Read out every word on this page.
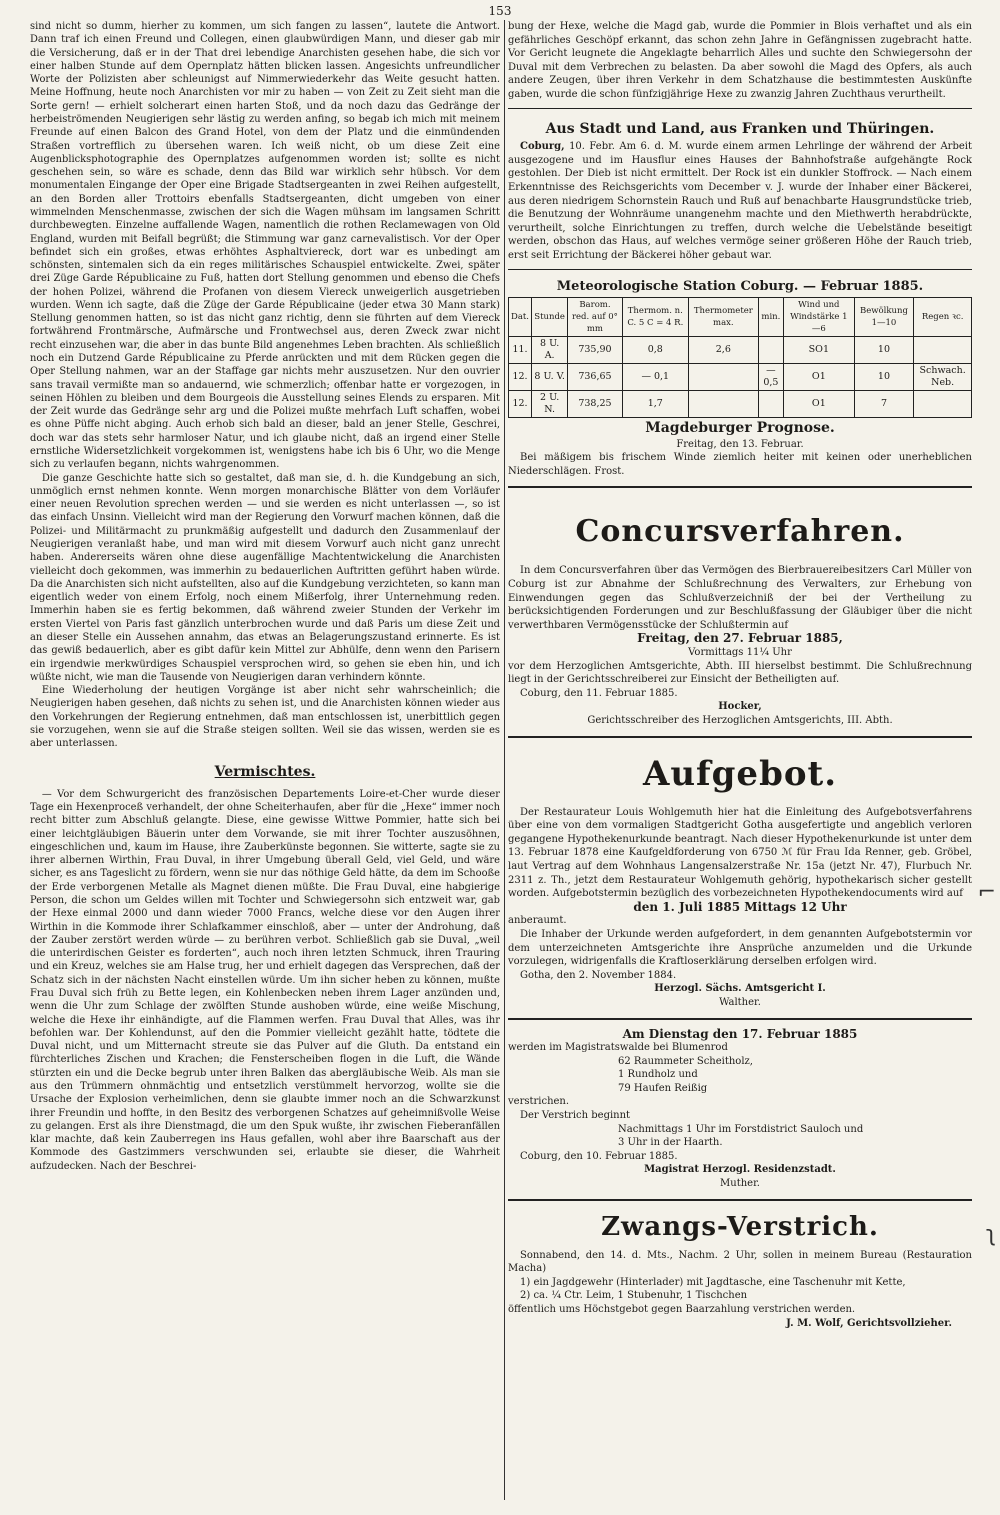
153

sind nicht so dumm, hierher zu kommen, um sich fangen zu lassen“, lautete die Antwort. Dann traf ich einen Freund und Collegen, einen glaubwürdigen Mann, und dieser gab mir die Versicherung, daß er in der That drei lebendige Anarchisten gesehen habe, die sich vor einer halben Stunde auf dem Opernplatz hätten blicken lassen. Angesichts unfreundlicher Worte der Polizisten aber schleunigst auf Nimmerwiederkehr das Weite gesucht hatten. Meine Hoffnung, heute noch Anarchisten vor mir zu haben — von Zeit zu Zeit sieht man die Sorte gern! — erhielt solcherart einen harten Stoß, und da noch dazu das Gedränge der herbeiströmenden Neugierigen sehr lästig zu werden anfing, so begab ich mich mit meinem Freunde auf einen Balcon des Grand Hotel, von dem der Platz und die einmündenden Straßen vortrefflich zu übersehen waren. Ich weiß nicht, ob um diese Zeit eine Augenblicksphotographie des Opernplatzes aufgenommen worden ist; sollte es nicht geschehen sein, so wäre es schade, denn das Bild war wirklich sehr hübsch. Vor dem monumentalen Eingange der Oper eine Brigade Stadtsergeanten in zwei Reihen aufgestellt, an den Borden aller Trottoirs ebenfalls Stadtsergeanten, dicht umgeben von einer wimmelnden Menschenmasse, zwischen der sich die Wagen mühsam im langsamen Schritt durchbewegten. Einzelne auffallende Wagen, namentlich die rothen Reclamewagen von Old England, wurden mit Beifall begrüßt; die Stimmung war ganz carnevalistisch. Vor der Oper befindet sich ein großes, etwas erhöhtes Asphaltviereck, dort war es unbedingt am schönsten, sintemalen sich da ein reges militärisches Schauspiel entwickelte. Zwei, später drei Züge Garde Républicaine zu Fuß, hatten dort Stellung genommen und ebenso die Chefs der hohen Polizei, während die Profanen von diesem Viereck unweigerlich ausgetrieben wurden. Wenn ich sagte, daß die Züge der Garde Républicaine (jeder etwa 30 Mann stark) Stellung genommen hatten, so ist das nicht ganz richtig, denn sie führten auf dem Viereck fortwährend Frontmärsche, Aufmärsche und Frontwechsel aus, deren Zweck zwar nicht recht einzusehen war, die aber in das bunte Bild angenehmes Leben brachten. Als schließlich noch ein Dutzend Garde Républicaine zu Pferde anrückten und mit dem Rücken gegen die Oper Stellung nahmen, war an der Staffage gar nichts mehr auszusetzen. Nur den ouvrier sans travail vermißte man so andauernd, wie schmerzlich; offenbar hatte er vorgezogen, in seinen Höhlen zu bleiben und dem Bourgeois die Ausstellung seines Elends zu ersparen. Mit der Zeit wurde das Gedränge sehr arg und die Polizei mußte mehrfach Luft schaffen, wobei es ohne Püffe nicht abging. Auch erhob sich bald an dieser, bald an jener Stelle, Geschrei, doch war das stets sehr harmloser Natur, und ich glaube nicht, daß an irgend einer Stelle ernstliche Widersetzlichkeit vorgekommen ist, wenigstens habe ich bis 6 Uhr, wo die Menge sich zu verlaufen begann, nichts wahrgenommen.

Die ganze Geschichte hatte sich so gestaltet, daß man sie, d. h. die Kundgebung an sich, unmöglich ernst nehmen konnte. Wenn morgen monarchische Blätter von dem Vorläufer einer neuen Revolution sprechen werden — und sie werden es nicht unterlassen —, so ist das einfach Unsinn. Vielleicht wird man der Regierung den Vorwurf machen können, daß die Polizei- und Militärmacht zu prunkmäßig aufgestellt und dadurch den Zusammenlauf der Neugierigen veranlaßt habe, und man wird mit diesem Vorwurf auch nicht ganz unrecht haben. Andererseits wären ohne diese augenfällige Machtentwickelung die Anarchisten vielleicht doch gekommen, was immerhin zu bedauerlichen Auftritten geführt haben würde. Da die Anarchisten sich nicht aufstellten, also auf die Kundgebung verzichteten, so kann man eigentlich weder von einem Erfolg, noch einem Mißerfolg, ihrer Unternehmung reden. Immerhin haben sie es fertig bekommen, daß während zweier Stunden der Verkehr im ersten Viertel von Paris fast gänzlich unterbrochen wurde und daß Paris um diese Zeit und an dieser Stelle ein Aussehen annahm, das etwas an Belagerungszustand erinnerte. Es ist das gewiß bedauerlich, aber es gibt dafür kein Mittel zur Abhülfe, denn wenn den Parisern ein irgendwie merkwürdiges Schauspiel versprochen wird, so gehen sie eben hin, und ich wüßte nicht, wie man die Tausende von Neugierigen daran verhindern könnte.

Eine Wiederholung der heutigen Vorgänge ist aber nicht sehr wahrscheinlich; die Neugierigen haben gesehen, daß nichts zu sehen ist, und die Anarchisten können wieder aus den Vorkehrungen der Regierung entnehmen, daß man entschlossen ist, unerbittlich gegen sie vorzugehen, wenn sie auf die Straße steigen sollten. Weil sie das wissen, werden sie es aber unterlassen.

Vermischtes.

— Vor dem Schwurgericht des französischen Departements Loire-et-Cher wurde dieser Tage ein Hexenproceß verhandelt, der ohne Scheiterhaufen, aber für die „Hexe“ immer noch recht bitter zum Abschluß gelangte. Diese, eine gewisse Wittwe Pommier, hatte sich bei einer leichtgläubigen Bäuerin unter dem Vorwande, sie mit ihrer Tochter auszusöhnen, eingeschlichen und, kaum im Hause, ihre Zauberkünste begonnen. Sie witterte, sagte sie zu ihrer albernen Wirthin, Frau Duval, in ihrer Umgebung überall Geld, viel Geld, und wäre sicher, es ans Tageslicht zu fördern, wenn sie nur das nöthige Geld hätte, da dem im Schooße der Erde verborgenen Metalle als Magnet dienen müßte. Die Frau Duval, eine habgierige Person, die schon um Geldes willen mit Tochter und Schwiegersohn sich entzweit war, gab der Hexe einmal 2000 und dann wieder 7000 Francs, welche diese vor den Augen ihrer Wirthin in die Kommode ihrer Schlafkammer einschloß, aber — unter der Androhung, daß der Zauber zerstört werden würde — zu berühren verbot. Schließlich gab sie Duval, „weil die unterirdischen Geister es forderten“, auch noch ihren letzten Schmuck, ihren Trauring und ein Kreuz, welches sie am Halse trug, her und erhielt dagegen das Versprechen, daß der Schatz sich in der nächsten Nacht einstellen würde. Um ihn sicher heben zu können, mußte Frau Duval sich früh zu Bette legen, ein Kohlenbecken neben ihrem Lager anzünden und, wenn die Uhr zum Schlage der zwölften Stunde aushoben würde, eine weiße Mischung, welche die Hexe ihr einhändigte, auf die Flammen werfen. Frau Duval that Alles, was ihr befohlen war. Der Kohlendunst, auf den die Pommier vielleicht gezählt hatte, tödtete die Duval nicht, und um Mitternacht streute sie das Pulver auf die Gluth. Da entstand ein fürchterliches Zischen und Krachen; die Fensterscheiben flogen in die Luft, die Wände stürzten ein und die Decke begrub unter ihren Balken das abergläubische Weib. Als man sie aus den Trümmern ohnmächtig und entsetzlich verstümmelt hervorzog, wollte sie die Ursache der Explosion verheimlichen, denn sie glaubte immer noch an die Schwarzkunst ihrer Freundin und hoffte, in den Besitz des verborgenen Schatzes auf geheimnißvolle Weise zu gelangen. Erst als ihre Dienstmagd, die um den Spuk wußte, ihr zwischen Fieberanfällen klar machte, daß kein Zauberregen ins Haus gefallen, wohl aber ihre Baarschaft aus der Kommode des Gastzimmers verschwunden sei, erlaubte sie dieser, die Wahrheit aufzudecken. Nach der Beschrei-

bung der Hexe, welche die Magd gab, wurde die Pommier in Blois verhaftet und als ein gefährliches Geschöpf erkannt, das schon zehn Jahre in Gefängnissen zugebracht hatte. Vor Gericht leugnete die Angeklagte beharrlich Alles und suchte den Schwiegersohn der Duval mit dem Verbrechen zu belasten. Da aber sowohl die Magd des Opfers, als auch andere Zeugen, über ihren Verkehr in dem Schatzhause die bestimmtesten Auskünfte gaben, wurde die schon fünfzigjährige Hexe zu zwanzig Jahren Zuchthaus verurtheilt.

Aus Stadt und Land, aus Franken und Thüringen.

Coburg, 10. Febr. Am 6. d. M. wurde einem armen Lehrlinge der während der Arbeit ausgezogene und im Hausflur eines Hauses der Bahnhofstraße aufgehängte Rock gestohlen. Der Dieb ist nicht ermittelt. Der Rock ist ein dunkler Stoffrock. — Nach einem Erkenntnisse des Reichsgerichts vom December v. J. wurde der Inhaber einer Bäckerei, aus deren niedrigem Schornstein Rauch und Ruß auf benachbarte Hausgrundstücke trieb, die Benutzung der Wohnräume unangenehm machte und den Miethwerth herabdrückte, verurtheilt, solche Einrichtungen zu treffen, durch welche die Uebelstände beseitigt werden, obschon das Haus, auf welches vermöge seiner größeren Höhe der Rauch trieb, erst seit Errichtung der Bäckerei höher gebaut war.

Meteorologische Station Coburg. — Februar 1885.
Dat.	Stunde	Barom. red. auf 0° mm	Thermom. n. C. 5 C = 4 R.	Thermometer max.	min.	Wind und Windstärke 1—6	Bewölkung 1—10	Regen ꝛc.
11.	8 U. A.	735,90	0,8	2,6		SO1	10	
12.	8 U. V.	736,65	— 0,1		—0,5	O1	10	Schwach. Neb.
12.	2 U. N.	738,25	1,7			O1	7	
Magdeburger Prognose.

Freitag, den 13. Februar.

Bei mäßigem bis frischem Winde ziemlich heiter mit keinen oder unerheblichen Niederschlägen. Frost.

Concursverfahren.

In dem Concursverfahren über das Vermögen des Bierbrauereibesitzers Carl Müller von Coburg ist zur Abnahme der Schlußrechnung des Verwalters, zur Erhebung von Einwendungen gegen das Schlußverzeichniß der bei der Vertheilung zu berücksichtigenden Forderungen und zur Beschlußfassung der Gläubiger über die nicht verwerthbaren Vermögensstücke der Schlußtermin auf

Freitag, den 27. Februar 1885,

Vormittags 11¼ Uhr

vor dem Herzoglichen Amtsgerichte, Abth. III hierselbst bestimmt. Die Schlußrechnung liegt in der Gerichtsschreiberei zur Einsicht der Betheiligten auf.

Coburg, den 11. Februar 1885.

Hocker,

Gerichtsschreiber des Herzoglichen Amtsgerichts, III. Abth.

Aufgebot.

Der Restaurateur Louis Wohlgemuth hier hat die Einleitung des Aufgebotsverfahrens über eine von dem vormaligen Stadtgericht Gotha ausgefertigte und angeblich verloren gegangene Hypothekenurkunde beantragt. Nach dieser Hypothekenurkunde ist unter dem 13. Februar 1878 eine Kaufgeldforderung von 6750 ℳ für Frau Ida Renner, geb. Gröbel, laut Vertrag auf dem Wohnhaus Langensalzerstraße Nr. 15a (jetzt Nr. 47), Flurbuch Nr. 2311 z. Th., jetzt dem Restaurateur Wohlgemuth gehörig, hypothekarisch sicher gestellt worden. Aufgebotstermin bezüglich des vorbezeichneten Hypothekendocuments wird auf

den 1. Juli 1885 Mittags 12 Uhr

anberaumt.

Die Inhaber der Urkunde werden aufgefordert, in dem genannten Aufgebotstermin vor dem unterzeichneten Amtsgerichte ihre Ansprüche anzumelden und die Urkunde vorzulegen, widrigenfalls die Kraftloserklärung derselben erfolgen wird.

Gotha, den 2. November 1884.

Herzogl. Sächs. Amtsgericht I.

Walther.

Am Dienstag den 17. Februar 1885

werden im Magistratswalde bei Blumenrod

62 Raummeter Scheitholz,

1 Rundholz und

79 Haufen Reißig

verstrichen.

Der Verstrich beginnt

Nachmittags 1 Uhr im Forstdistrict Sauloch und

3 Uhr in der Haarth.

Coburg, den 10. Februar 1885.

Magistrat Herzogl. Residenzstadt.

Muther.

Zwangs-Verstrich.

Sonnabend, den 14. d. Mts., Nachm. 2 Uhr, sollen in meinem Bureau (Restauration Macha)

1) ein Jagdgewehr (Hinterlader) mit Jagdtasche, eine Taschenuhr mit Kette,

2) ca. ¼ Ctr. Leim, 1 Stubenuhr, 1 Tischchen

öffentlich ums Höchstgebot gegen Baarzahlung verstrichen werden.

J. M. Wolf, Gerichtsvollzieher.

⌐
ʅ
